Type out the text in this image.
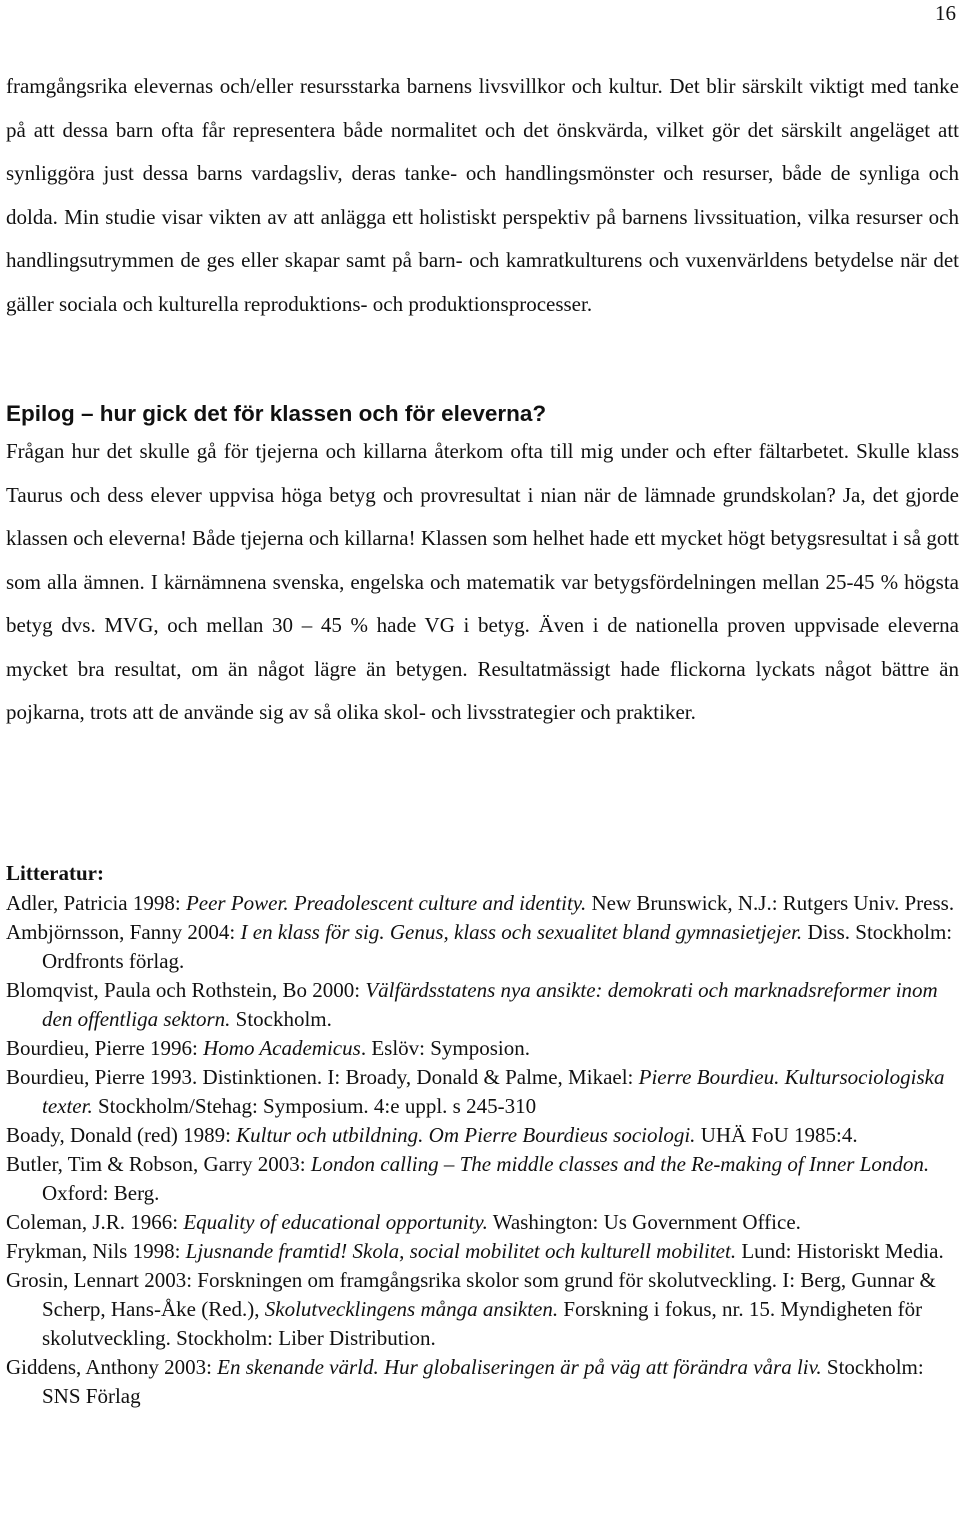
16

framgångsrika elevernas och/eller resursstarka barnens livsvillkor och kultur. Det blir särskilt viktigt med tanke på att dessa barn ofta får representera både normalitet och det önskvärda, vilket gör det särskilt angeläget att synliggöra just dessa barns vardagsliv, deras tanke- och handlingsmönster och resurser, både de synliga och dolda. Min studie visar vikten av att anlägga ett holistiskt perspektiv på barnens livssituation, vilka resurser och handlingsutrymmen de ges eller skapar samt på barn- och kamratkulturens och vuxenvärldens betydelse när det gäller sociala och kulturella reproduktions- och produktionsprocesser.

Epilog – hur gick det för klassen och för eleverna?

Frågan hur det skulle gå för tjejerna och killarna återkom ofta till mig under och efter fältarbetet. Skulle klass Taurus och dess elever uppvisa höga betyg och provresultat i nian när de lämnade grundskolan? Ja, det gjorde klassen och eleverna! Både tjejerna och killarna! Klassen som helhet hade ett mycket högt betygsresultat i så gott som alla ämnen. I kärnämnena svenska, engelska och matematik var betygsfördelningen mellan 25-45 % högsta betyg dvs. MVG, och mellan 30 – 45 % hade VG i betyg. Även i de nationella proven uppvisade eleverna mycket bra resultat, om än något lägre än betygen. Resultatmässigt hade flickorna lyckats något bättre än pojkarna, trots att de använde sig av så olika skol- och livsstrategier och praktiker.

Litteratur:
Adler, Patricia 1998: Peer Power. Preadolescent culture and identity. New Brunswick, N.J.: Rutgers Univ. Press.
Ambjörnsson, Fanny 2004: I en klass för sig. Genus, klass och sexualitet bland gymnasietjejer. Diss. Stockholm: Ordfronts förlag.
Blomqvist, Paula och Rothstein, Bo 2000: Välfärdsstatens nya ansikte: demokrati och marknadsreformer inom den offentliga sektorn. Stockholm.
Bourdieu, Pierre 1996: Homo Academicus. Eslöv: Symposion.
Bourdieu, Pierre 1993. Distinktionen. I: Broady, Donald & Palme, Mikael: Pierre Bourdieu. Kultursociologiska texter. Stockholm/Stehag: Symposium. 4:e uppl. s 245-310
Boady, Donald (red) 1989: Kultur och utbildning. Om Pierre Bourdieus sociologi. UHÄ FoU 1985:4.
Butler, Tim & Robson, Garry 2003: London calling – The middle classes and the Re-making of Inner London. Oxford: Berg.
Coleman, J.R. 1966: Equality of educational opportunity. Washington: Us Government Office.
Frykman, Nils 1998: Ljusnande framtid! Skola, social mobilitet och kulturell mobilitet. Lund: Historiskt Media.
Grosin, Lennart 2003: Forskningen om framgångsrika skolor som grund för skolutveckling. I: Berg, Gunnar & Scherp, Hans-Åke (Red.), Skolutvecklingens många ansikten. Forskning i fokus, nr. 15. Myndigheten för skolutveckling. Stockholm: Liber Distribution.
Giddens, Anthony 2003: En skenande värld. Hur globaliseringen är på väg att förändra våra liv. Stockholm: SNS Förlag
